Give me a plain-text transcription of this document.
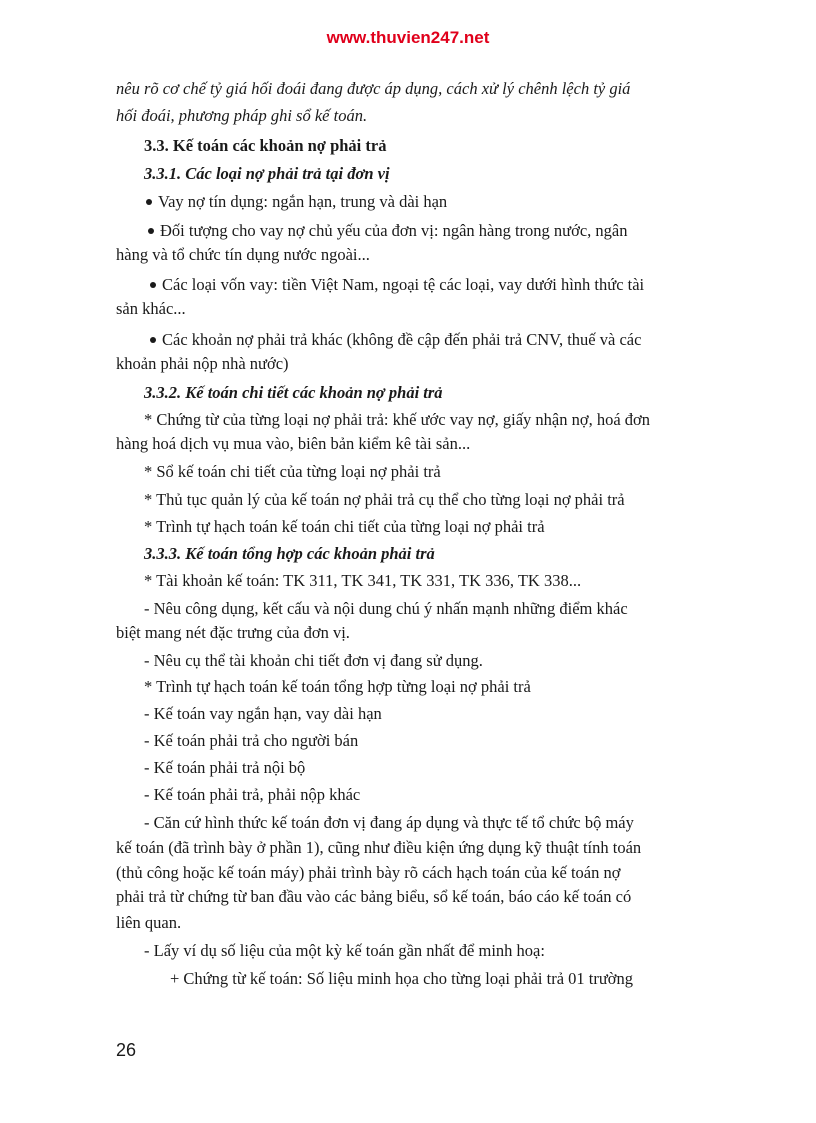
www.thuvien247.net
nêu rõ cơ chế tỷ giá hối đoái đang được áp dụng, cách xử lý chênh lệch tỷ giá
hối đoái, phương pháp ghi sổ kế toán.
3.3. Kế toán các khoản nợ phải trả
3.3.1. Các loại nợ phải trả tại đơn vị
Vay nợ tín dụng: ngắn hạn, trung và dài hạn
Đối tượng cho vay nợ chủ yếu của đơn vị: ngân hàng trong nước, ngân
hàng và tổ chức tín dụng nước ngoài...
Các loại vốn vay: tiền Việt Nam, ngoại tệ các loại, vay dưới hình thức tài
sản khác...
Các khoản nợ phải trả khác (không đề cập đến phải trả CNV, thuế và các
khoản phải nộp nhà nước)
3.3.2. Kế toán chi tiết các khoản nợ phải trả
* Chứng từ của từng loại nợ phải trả: khế ước vay nợ, giấy nhận nợ, hoá đơn
hàng hoá dịch vụ mua vào, biên bản kiểm kê tài sản...
* Sổ kế toán chi tiết của từng loại nợ phải trả
* Thủ tục quản lý của kế toán nợ phải trả cụ thể cho từng loại nợ phải trả
* Trình tự hạch toán kế toán chi tiết của từng loại nợ phải trả
3.3.3. Kế toán tổng hợp các khoản phải trả
* Tài khoản kế toán: TK 311, TK 341, TK 331, TK 336, TK 338...
- Nêu công dụng, kết cấu và nội dung chú ý nhấn mạnh những điểm khác
biệt mang nét đặc trưng của đơn vị.
- Nêu cụ thể tài khoản chi tiết đơn vị đang sử dụng.
* Trình tự hạch toán kế toán tổng hợp từng loại nợ phải trả
- Kế toán vay ngắn hạn, vay dài hạn
- Kế toán phải trả cho người bán
- Kế toán phải trả nội bộ
- Kế toán phải trả, phải nộp khác
- Căn cứ hình thức kế toán đơn vị đang áp dụng và thực tế tổ chức bộ máy
kế toán (đã trình bày ở phần 1), cũng như điều kiện ứng dụng kỹ thuật tính toán
(thủ công hoặc kế toán máy) phải trình bày rõ cách hạch toán của kế toán nợ
phải trả từ chứng từ ban đầu vào các bảng biểu, sổ kế toán, báo cáo kế toán có
liên quan.
- Lấy ví dụ số liệu của một kỳ kế toán gần nhất để minh hoạ:
+ Chứng từ kế toán: Số liệu minh họa cho từng loại phải trả 01 trường
26
